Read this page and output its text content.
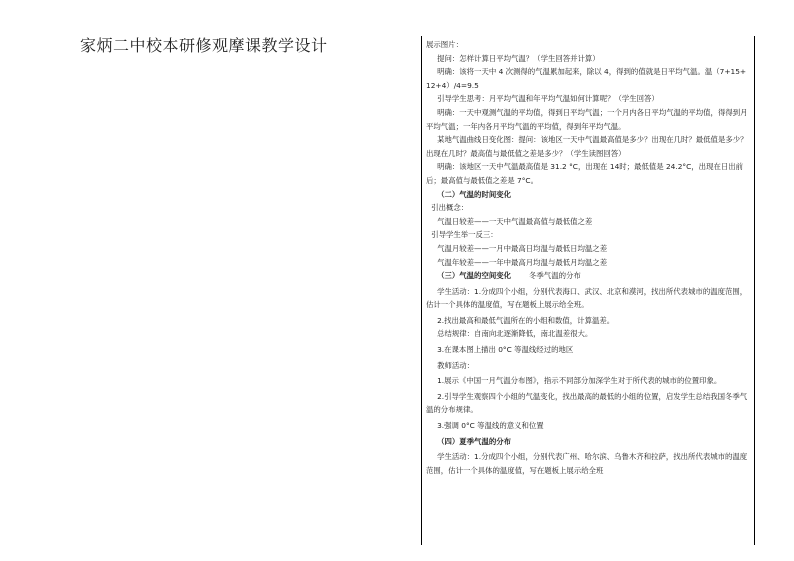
家炳二中校本研修观摩课教学设计	展示图片：

提问：怎样计算日平均气温？（学生回答并计算）

明确：该将一天中 4 次测得的气温累加起来，除以 4，得到的值就是日平均气温。温（7+15+12+4）/4=9.5

引导学生思考：月平均气温和年平均气温如何计算呢？（学生回答）

明确：一天中观测气温的平均值，得到日平均气温；一个月内各日平均气温的平均值，得得到月平均气温；一年内各月平均气温的平均值，得到年平均气温。

某地气温曲线日变化图：提问：该地区一天中气温最高值是多少？出现在几时？最低值是多少？出现在几时？最高值与最低值之差是多少？（学生读图回答）

明确：该地区一天中气温最高值是 31.2 °C，出现在 14时；最低值是 24.2°C，出现在日出前后；最高值与最低值之差是 7°C。

（二）气温的时间变化

引出概念：

气温日较差——一天中气温最高值与最低值之差

引导学生举一反三：

气温月较差——一月中最高日均温与最低日均温之差

气温年较差——一年中最高月均温与最低月均温之差

（三）气温的空间变化 冬季气温的分布

学生活动：1.分成四个小组，分别代表海口、武汉、北京和漠河，找出所代表城市的温度范围，估计一个具体的温度值，写在题板上展示给全班。

2.找出最高和最低气温所在的小组和数值，计算温差。

总结规律：自南向北逐渐降低，南北温差很大。

3.在课本图上描出 0°C 等温线经过的地区

教师活动：

1.展示《中国一月气温分布图》，指示不同部分加深学生对于所代表的城市的位置印象。

2.引导学生观察四个小组的气温变化，找出最高的最低的小组的位置，启发学生总结我国冬季气温的分布规律。

3.强调 0°C 等温线的意义和位置

（四）夏季气温的分布

学生活动：1.分成四个小组，分别代表广州、哈尔滨、乌鲁木齐和拉萨，找出所代表城市的温度范围，估计一个具体的温度值，写在题板上展示给全班
